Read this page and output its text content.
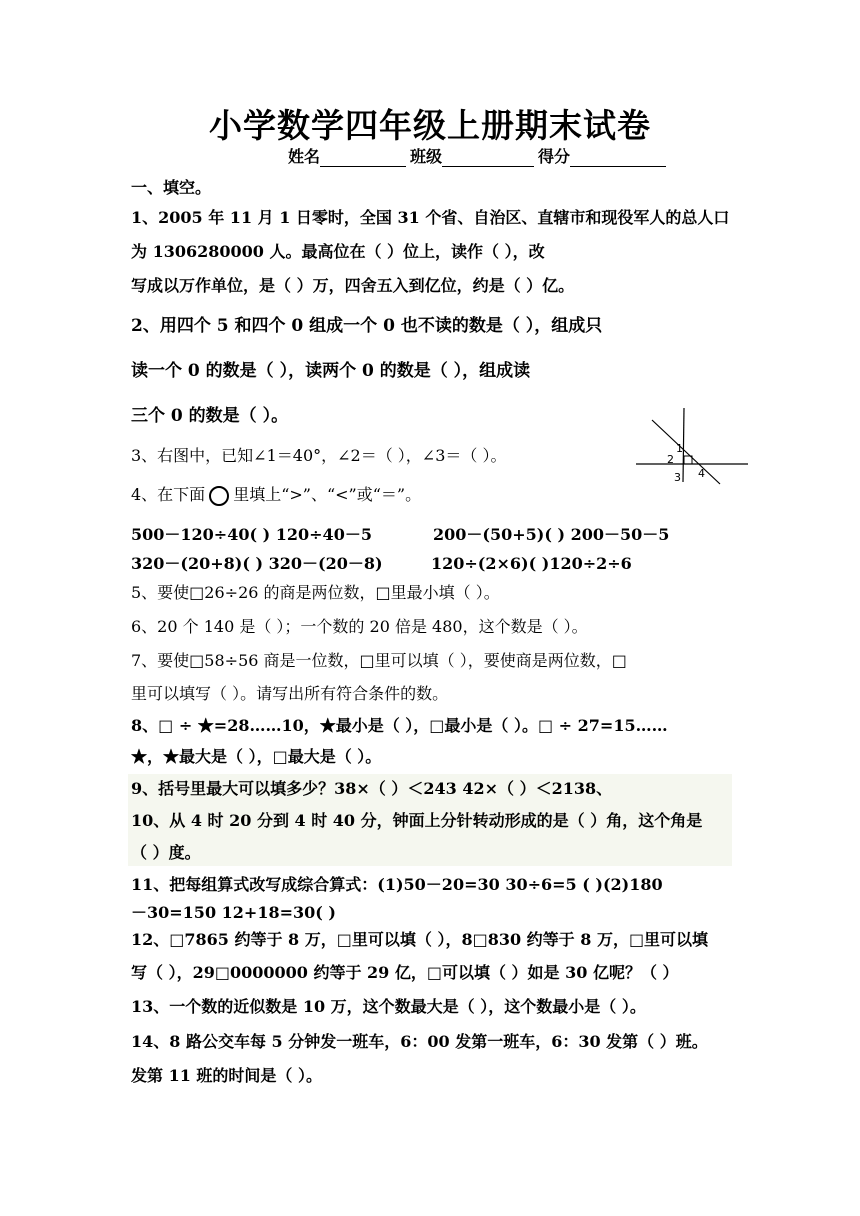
小学数学四年级上册期末试卷
姓名	班级	得分
一、填空。
1、2005 年 11 月 1 日零时，全国 31 个省、自治区、直辖市和现役军人的总人口
为 1306280000 人。最高位在（ ）位上，读作（ ），改
写成以万作单位，是（ ）万，四舍五入到亿位，约是（ ）亿。
2、用四个 5 和四个 0 组成一个 0 也不读的数是（ ），组成只
读一个 0 的数是（ ），读两个 0 的数是（ ），组成读
三个 0 的数是（ ）。
3、右图中，已知∠1＝40°，∠2＝（ ），∠3＝（ ）。	1
2
3 4
4、在下面 里填上“>”、“<”或“＝”。
500－120÷40( ) 120÷40－5	200－(50+5)( ) 200－50－5
320－(20+8)( ) 320－(20－8)	120÷(2×6)( )120÷2÷6
5、要使□26÷26 的商是两位数，□里最小填（ ）。
6、20 个 140 是（ ）；一个数的 20 倍是 480，这个数是（ ）。
7、要使□58÷56 商是一位数，□里可以填（ ），要使商是两位数，□
里可以填写（ ）。请写出所有符合条件的数。
8、□ ÷ ★=28……10，★最小是（ ），□最小是（ ）。□ ÷ 27=15……
★，★最大是（ ），□最大是（ ）。
9、括号里最大可以填多少？38×（ ）＜243 42×（ ）＜2138、
10、从 4 时 20 分到 4 时 40 分，钟面上分针转动形成的是（ ）角，这个角是
（ ）度。
11、把每组算式改写成综合算式：(1)50－20=30 30÷6=5 ( )(2)180
－30=150 12+18=30( )
12、□7865 约等于 8 万，□里可以填（ ），8□830 约等于 8 万，□里可以填
写（ ），29□0000000 约等于 29 亿，□可以填（ ）如是 30 亿呢？（ ）
13、一个数的近似数是 10 万，这个数最大是（ ），这个数最小是（ ）。
14、8 路公交车每 5 分钟发一班车，6：00 发第一班车，6：30 发第（ ）班。
发第 11 班的时间是（ ）。
